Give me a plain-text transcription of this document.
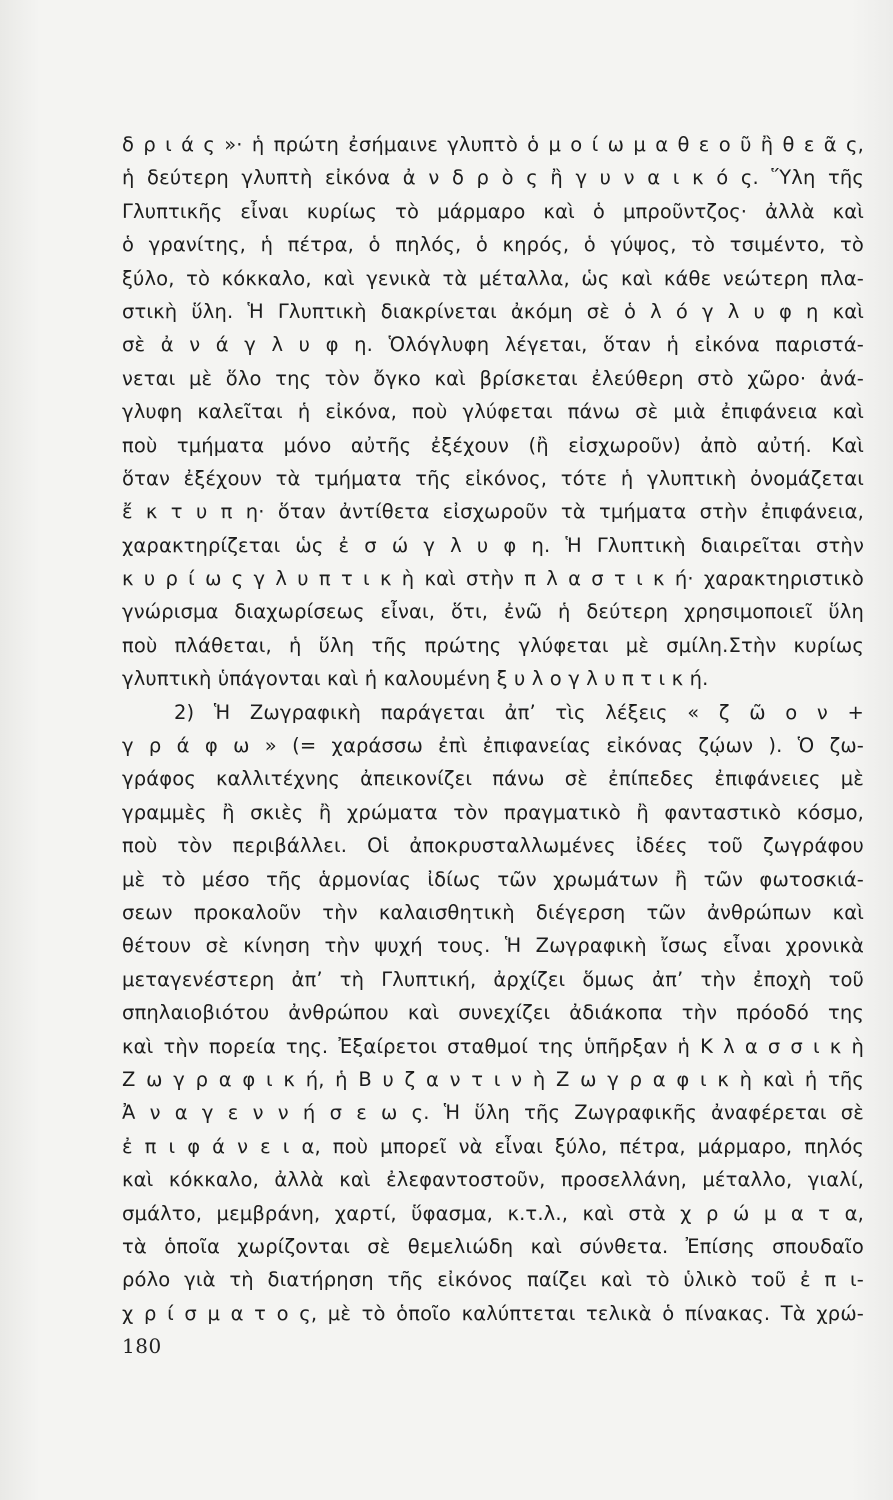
δ ρ ι ά ς »· ἡ πρώτη ἐσήμαινε γλυπτὸ ὁ μ ο ί ω μ α θ ε ο ῦ ἢ θ ε ᾶ ς,
ἡ δεύτερη γλυπτὴ εἰκόνα ἀ ν δ ρ ὸ ς ἢ γ υ ν α ι κ ό ς. Ὕλη τῆς
Γλυπτικῆς εἶναι κυρίως τὸ μάρμαρο καὶ ὁ μπροῦντζος· ἀλλὰ καὶ
ὁ γρανίτης, ἡ πέτρα, ὁ πηλός, ὁ κηρός, ὁ γύψος, τὸ τσιμέντο, τὸ
ξύλο, τὸ κόκκαλο, καὶ γενικὰ τὰ μέταλλα, ὡς καὶ κάθε νεώτερη πλα-
στικὴ ὕλη. Ἡ Γλυπτικὴ διακρίνεται ἀκόμη σὲ ὁ λ ό γ λ υ φ η καὶ
σὲ ἀ ν ά γ λ υ φ η. Ὁλόγλυφη λέγεται, ὅταν ἡ εἰκόνα παριστά-
νεται μὲ ὅλο της τὸν ὄγκο καὶ βρίσκεται ἐλεύθερη στὸ χῶρο· ἀνά-
γλυφη καλεῖται ἡ εἰκόνα, ποὺ γλύφεται πάνω σὲ μιὰ ἐπιφάνεια καὶ
ποὺ τμήματα μόνο αὐτῆς ἐξέχουν (ἢ εἰσχωροῦν) ἀπὸ αὐτή. Καὶ
ὅταν ἐξέχουν τὰ τμήματα τῆς εἰκόνος, τότε ἡ γλυπτικὴ ὀνομάζεται
ἔ κ τ υ π η· ὅταν ἀντίθετα εἰσχωροῦν τὰ τμήματα στὴν ἐπιφάνεια,
χαρακτηρίζεται ὡς ἐ σ ώ γ λ υ φ η. Ἡ Γλυπτικὴ διαιρεῖται στὴν
κ υ ρ ί ω ς γ λ υ π τ ι κ ὴ καὶ στὴν π λ α σ τ ι κ ή· χαρακτηριστικὸ
γνώρισμα διαχωρίσεως εἶναι, ὅτι, ἐνῶ ἡ δεύτερη χρησιμοποιεῖ ὕλη
ποὺ πλάθεται, ἡ ὕλη τῆς πρώτης γλύφεται μὲ σμίλη.Στὴν κυρίως
γλυπτικὴ ὑπάγονται καὶ ἡ καλουμένη ξ υ λ ο γ λ υ π τ ι κ ή.
2) Ἡ Ζωγραφικὴ παράγεται ἀπ’ τὶς λέξεις « ζ ῶ ο ν +
γ ρ ά φ ω » (= χαράσσω ἐπὶ ἐπιφανείας εἰκόνας ζῴων ). Ὁ ζω-
γράφος καλλιτέχνης ἀπεικονίζει πάνω σὲ ἐπίπεδες ἐπιφάνειες μὲ
γραμμὲς ἢ σκιὲς ἢ χρώματα τὸν πραγματικὸ ἢ φανταστικὸ κόσμο,
ποὺ τὸν περιβάλλει. Οἱ ἀποκρυσταλλωμένες ἰδέες τοῦ ζωγράφου
μὲ τὸ μέσο τῆς ἁρμονίας ἰδίως τῶν χρωμάτων ἢ τῶν φωτοσκιά-
σεων προκαλοῦν τὴν καλαισθητικὴ διέγερση τῶν ἀνθρώπων καὶ
θέτουν σὲ κίνηση τὴν ψυχή τους. Ἡ Ζωγραφικὴ ἴσως εἶναι χρονικὰ
μεταγενέστερη ἀπ’ τὴ Γλυπτική, ἀρχίζει ὅμως ἀπ’ τὴν ἐποχὴ τοῦ
σπηλαιοβιότου ἀνθρώπου καὶ συνεχίζει ἀδιάκοπα τὴν πρόοδό της
καὶ τὴν πορεία της. Ἐξαίρετοι σταθμοί της ὑπῆρξαν ἡ Κ λ α σ σ ι κ ὴ
Ζ ω γ ρ α φ ι κ ή, ἡ Β υ ζ α ν τ ι ν ὴ Ζ ω γ ρ α φ ι κ ὴ καὶ ἡ τῆς
Ἀ ν α γ ε ν ν ή σ ε ω ς. Ἡ ὕλη τῆς Ζωγραφικῆς ἀναφέρεται σὲ
ἐ π ι φ ά ν ε ι α, ποὺ μπορεῖ νὰ εἶναι ξύλο, πέτρα, μάρμαρο, πηλός
καὶ κόκκαλο, ἀλλὰ καὶ ἐλεφαντοστοῦν, προσελλάνη, μέταλλο, γιαλί,
σμάλτο, μεμβράνη, χαρτί, ὕφασμα, κ.τ.λ., καὶ στὰ χ ρ ώ μ α τ α,
τὰ ὁποῖα χωρίζονται σὲ θεμελιώδη καὶ σύνθετα. Ἐπίσης σπουδαῖο
ρόλο γιὰ τὴ διατήρηση τῆς εἰκόνος παίζει καὶ τὸ ὑλικὸ τοῦ ἐ π ι-
χ ρ ί σ μ α τ ο ς, μὲ τὸ ὁποῖο καλύπτεται τελικὰ ὁ πίνακας. Τὰ χρώ-
180
